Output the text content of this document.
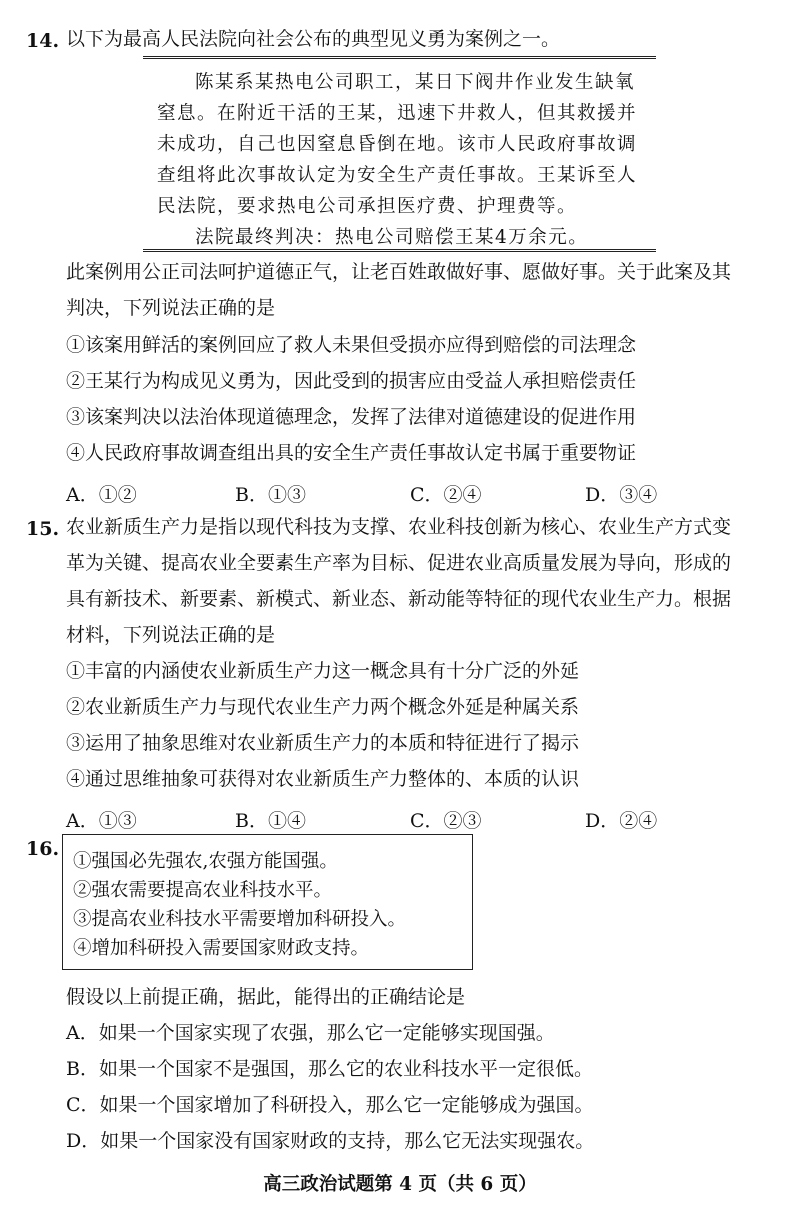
14. 以下为最高人民法院向社会公布的典型见义勇为案例之一。
陈某系某热电公司职工，某日下阀井作业发生缺氧
窒息。在附近干活的王某，迅速下井救人，但其救援并
未成功，自己也因窒息昏倒在地。该市人民政府事故调
查组将此次事故认定为安全生产责任事故。王某诉至人
民法院，要求热电公司承担医疗费、护理费等。
法院最终判决：热电公司赔偿王某4万余元。
此案例用公正司法呵护道德正气，让老百姓敢做好事、愿做好事。关于此案及其
判决，下列说法正确的是
①该案用鲜活的案例回应了救人未果但受损亦应得到赔偿的司法理念
②王某行为构成见义勇为，因此受到的损害应由受益人承担赔偿责任
③该案判决以法治体现道德理念，发挥了法律对道德建设的促进作用
④人民政府事故调查组出具的安全生产责任事故认定书属于重要物证
A．①②	B．①③	C．②④	D．③④
15. 农业新质生产力是指以现代科技为支撑、农业科技创新为核心、农业生产方式变
革为关键、提高农业全要素生产率为目标、促进农业高质量发展为导向，形成的
具有新技术、新要素、新模式、新业态、新动能等特征的现代农业生产力。根据
材料，下列说法正确的是
①丰富的内涵使农业新质生产力这一概念具有十分广泛的外延
②农业新质生产力与现代农业生产力两个概念外延是种属关系
③运用了抽象思维对农业新质生产力的本质和特征进行了揭示
④通过思维抽象可获得对农业新质生产力整体的、本质的认识
A．①③	B．①④	C．②③	D．②④
16.
①强国必先强农,农强方能国强。
②强农需要提高农业科技水平。
③提高农业科技水平需要增加科研投入。
④增加科研投入需要国家财政支持。
假设以上前提正确，据此，能得出的正确结论是
A．如果一个国家实现了农强，那么它一定能够实现国强。
B．如果一个国家不是强国，那么它的农业科技水平一定很低。
C．如果一个国家增加了科研投入，那么它一定能够成为强国。
D．如果一个国家没有国家财政的支持，那么它无法实现强农。
高三政治试题第 4 页（共 6 页）
